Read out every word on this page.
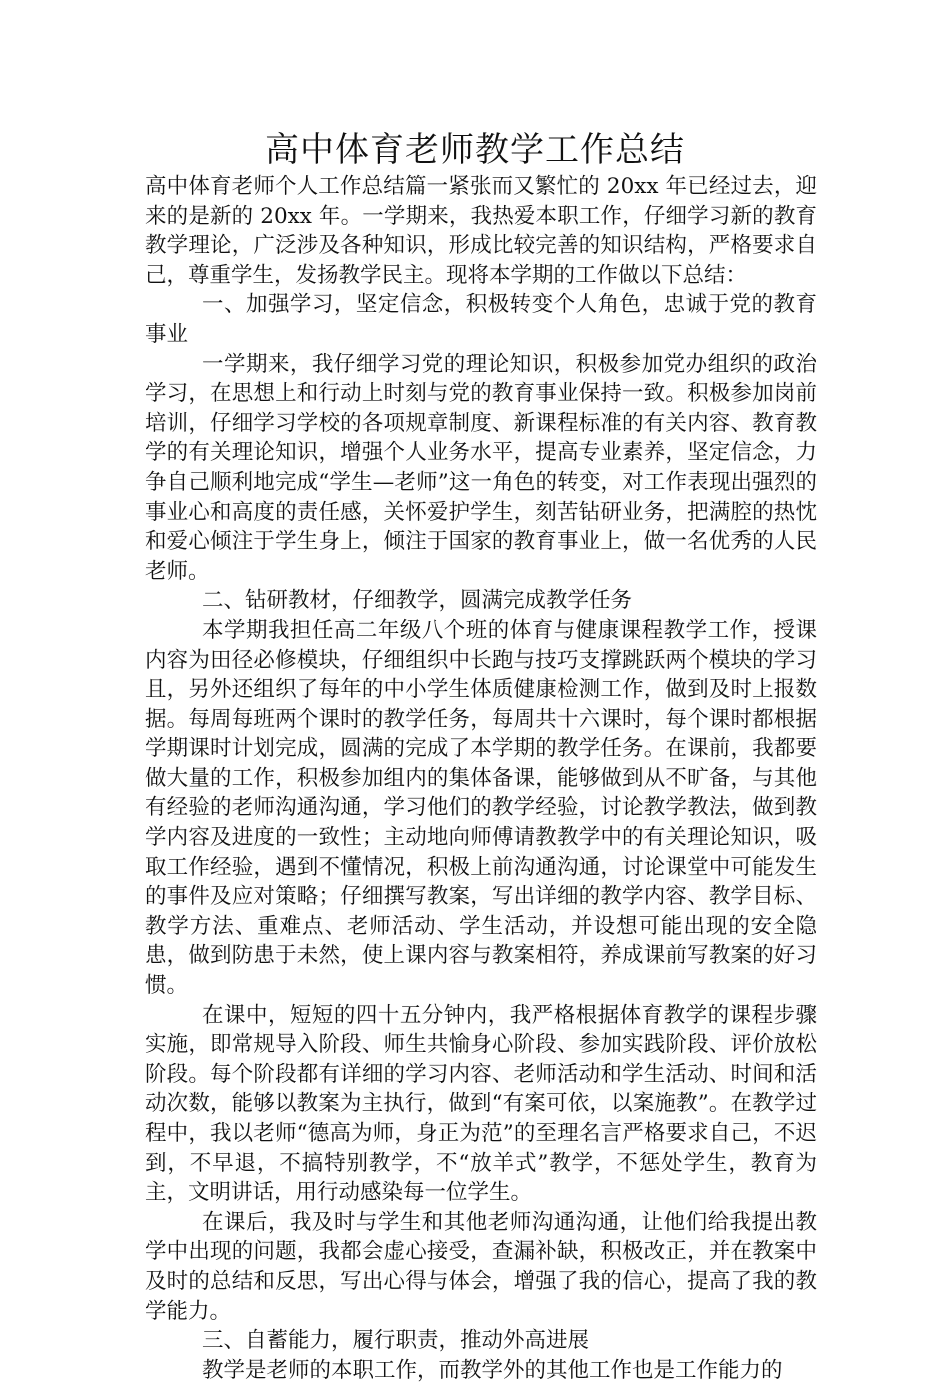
高中体育老师教学工作总结

高中体育老师个人工作总结篇一紧张而又繁忙的 20xx 年已经过去，迎来的是新的 20xx 年。一学期来，我热爱本职工作，仔细学习新的教育教学理论，广泛涉及各种知识，形成比较完善的知识结构，严格要求自己，尊重学生，发扬教学民主。现将本学期的工作做以下总结：

一、加强学习，坚定信念，积极转变个人角色，忠诚于党的教育事业

一学期来，我仔细学习党的理论知识，积极参加党办组织的政治学习，在思想上和行动上时刻与党的教育事业保持一致。积极参加岗前培训，仔细学习学校的各项规章制度、新课程标准的有关内容、教育教学的有关理论知识，增强个人业务水平，提高专业素养，坚定信念，力争自己顺利地完成“学生—老师”这一角色的转变，对工作表现出强烈的事业心和高度的责任感，关怀爱护学生，刻苦钻研业务，把满腔的热忱和爱心倾注于学生身上，倾注于国家的教育事业上，做一名优秀的人民老师。

二、钻研教材，仔细教学，圆满完成教学任务

本学期我担任高二年级八个班的体育与健康课程教学工作，授课内容为田径必修模块，仔细组织中长跑与技巧支撑跳跃两个模块的学习且，另外还组织了每年的中小学生体质健康检测工作，做到及时上报数据。每周每班两个课时的教学任务，每周共十六课时，每个课时都根据学期课时计划完成，圆满的完成了本学期的教学任务。在课前，我都要做大量的工作，积极参加组内的集体备课，能够做到从不旷备，与其他有经验的老师沟通沟通，学习他们的教学经验，讨论教学教法，做到教学内容及进度的一致性；主动地向师傅请教教学中的有关理论知识，吸取工作经验，遇到不懂情况，积极上前沟通沟通，讨论课堂中可能发生的事件及应对策略；仔细撰写教案，写出详细的教学内容、教学目标、教学方法、重难点、老师活动、学生活动，并设想可能出现的安全隐患，做到防患于未然，使上课内容与教案相符，养成课前写教案的好习惯。

在课中，短短的四十五分钟内，我严格根据体育教学的课程步骤实施，即常规导入阶段、师生共愉身心阶段、参加实践阶段、评价放松阶段。每个阶段都有详细的学习内容、老师活动和学生活动、时间和活动次数，能够以教案为主执行，做到“有案可依，以案施教”。在教学过程中，我以老师“德高为师，身正为范”的至理名言严格要求自己，不迟到，不早退，不搞特别教学，不“放羊式”教学，不惩处学生，教育为主，文明讲话，用行动感染每一位学生。

在课后，我及时与学生和其他老师沟通沟通，让他们给我提出教学中出现的问题，我都会虚心接受，查漏补缺，积极改正，并在教案中及时的总结和反思，写出心得与体会，增强了我的信心，提高了我的教学能力。

三、自蓄能力，履行职责，推动外高进展

教学是老师的本职工作，而教学外的其他工作也是工作能力的
